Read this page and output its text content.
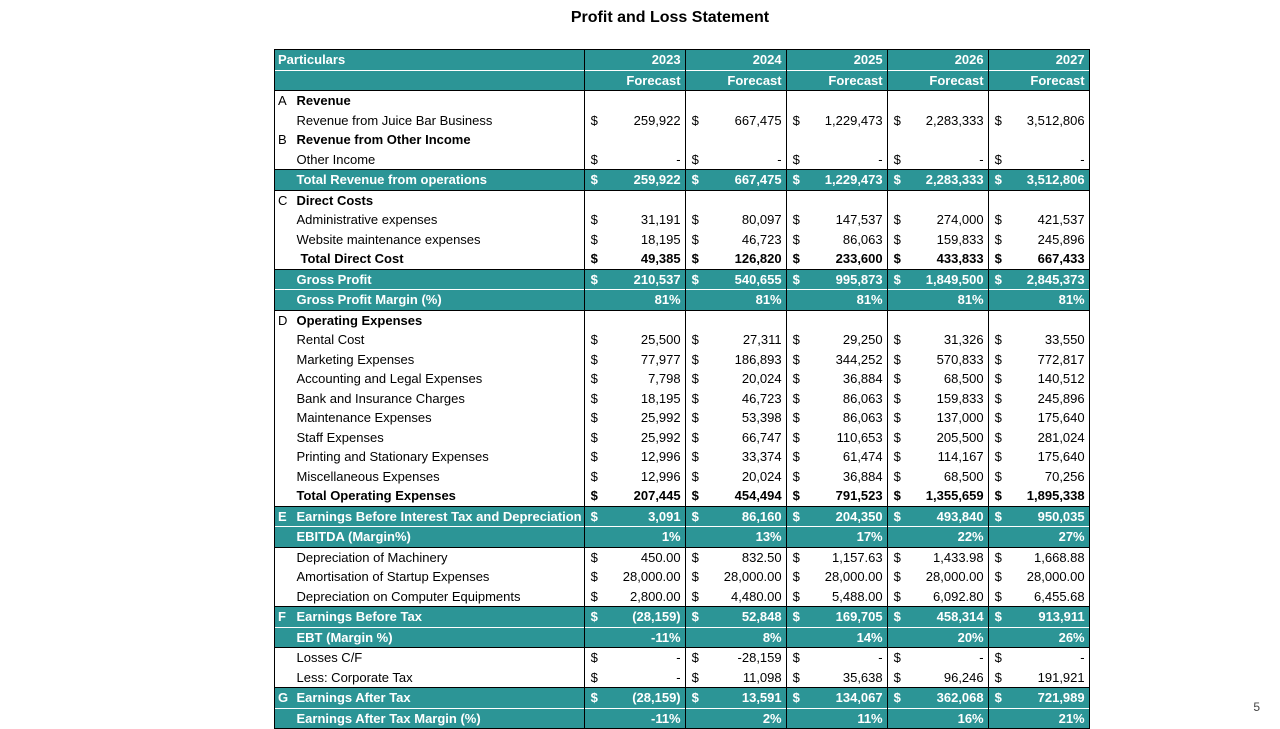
Profit and Loss Statement
Particulars		2023	2024	2025	2026	2027
		Forecast	Forecast	Forecast	Forecast	Forecast
A	Revenue					
	Revenue from Juice Bar Business	$ 259,922	$ 667,475	$ 1,229,473	$ 2,283,333	$ 3,512,806

B	Revenue from Other Income					
	Other Income	$ -	$ -	$ -	$ -	$ -

	Total Revenue from operations	$ 259,922	$ 667,475	$ 1,229,473	$ 2,283,333	$ 3,512,806

C	Direct Costs					
	Administrative expenses	$ 31,191	$ 80,097	$ 147,537	$ 274,000	$ 421,537

	Website maintenance expenses	$ 18,195	$ 46,723	$ 86,063	$ 159,833	$ 245,896

	Total Direct Cost	$ 49,385	$ 126,820	$ 233,600	$ 433,833	$ 667,433

	Gross Profit	$ 210,537	$ 540,655	$ 995,873	$ 1,849,500	$ 2,845,373

	Gross Profit Margin (%)	81%	81%	81%	81%	81%

D	Operating Expenses					
	Rental Cost	$ 25,500	$ 27,311	$ 29,250	$ 31,326	$ 33,550

	Marketing Expenses	$ 77,977	$ 186,893	$ 344,252	$ 570,833	$ 772,817

	Accounting and Legal Expenses	$ 7,798	$ 20,024	$ 36,884	$ 68,500	$ 140,512

	Bank and Insurance Charges	$ 18,195	$ 46,723	$ 86,063	$ 159,833	$ 245,896

	Maintenance Expenses	$ 25,992	$ 53,398	$ 86,063	$ 137,000	$ 175,640

	Staff Expenses	$ 25,992	$ 66,747	$ 110,653	$ 205,500	$ 281,024

	Printing and Stationary Expenses	$ 12,996	$ 33,374	$ 61,474	$ 114,167	$ 175,640

	Miscellaneous Expenses	$ 12,996	$ 20,024	$ 36,884	$ 68,500	$ 70,256

	Total Operating Expenses	$ 207,445	$ 454,494	$ 791,523	$ 1,355,659	$ 1,895,338

E	Earnings Before Interest Tax and Depreciation	$ 3,091	$ 86,160	$ 204,350	$ 493,840	$ 950,035

	EBITDA (Margin%)	1%	13%	17%	22%	27%

	Depreciation of Machinery	$ 450.00	$ 832.50	$ 1,157.63	$ 1,433.98	$ 1,668.88

	Amortisation of Startup Expenses	$ 28,000.00	$ 28,000.00	$ 28,000.00	$ 28,000.00	$ 28,000.00

	Depreciation on Computer Equipments	$ 2,800.00	$ 4,480.00	$ 5,488.00	$ 6,092.80	$ 6,455.68

F	Earnings Before Tax	$ (28,159)	$ 52,848	$ 169,705	$ 458,314	$ 913,911

	EBT (Margin %)	-11%	8%	14%	20%	26%

	Losses C/F	$ -	$ -28,159	$ -	$ -	$ -

	Less: Corporate Tax	$ -	$ 11,098	$ 35,638	$ 96,246	$ 191,921

G	Earnings After Tax	$ (28,159)	$ 13,591	$ 134,067	$ 362,068	$ 721,989

	Earnings After Tax Margin (%)	-11%	2%	11%	16%	21%
5
